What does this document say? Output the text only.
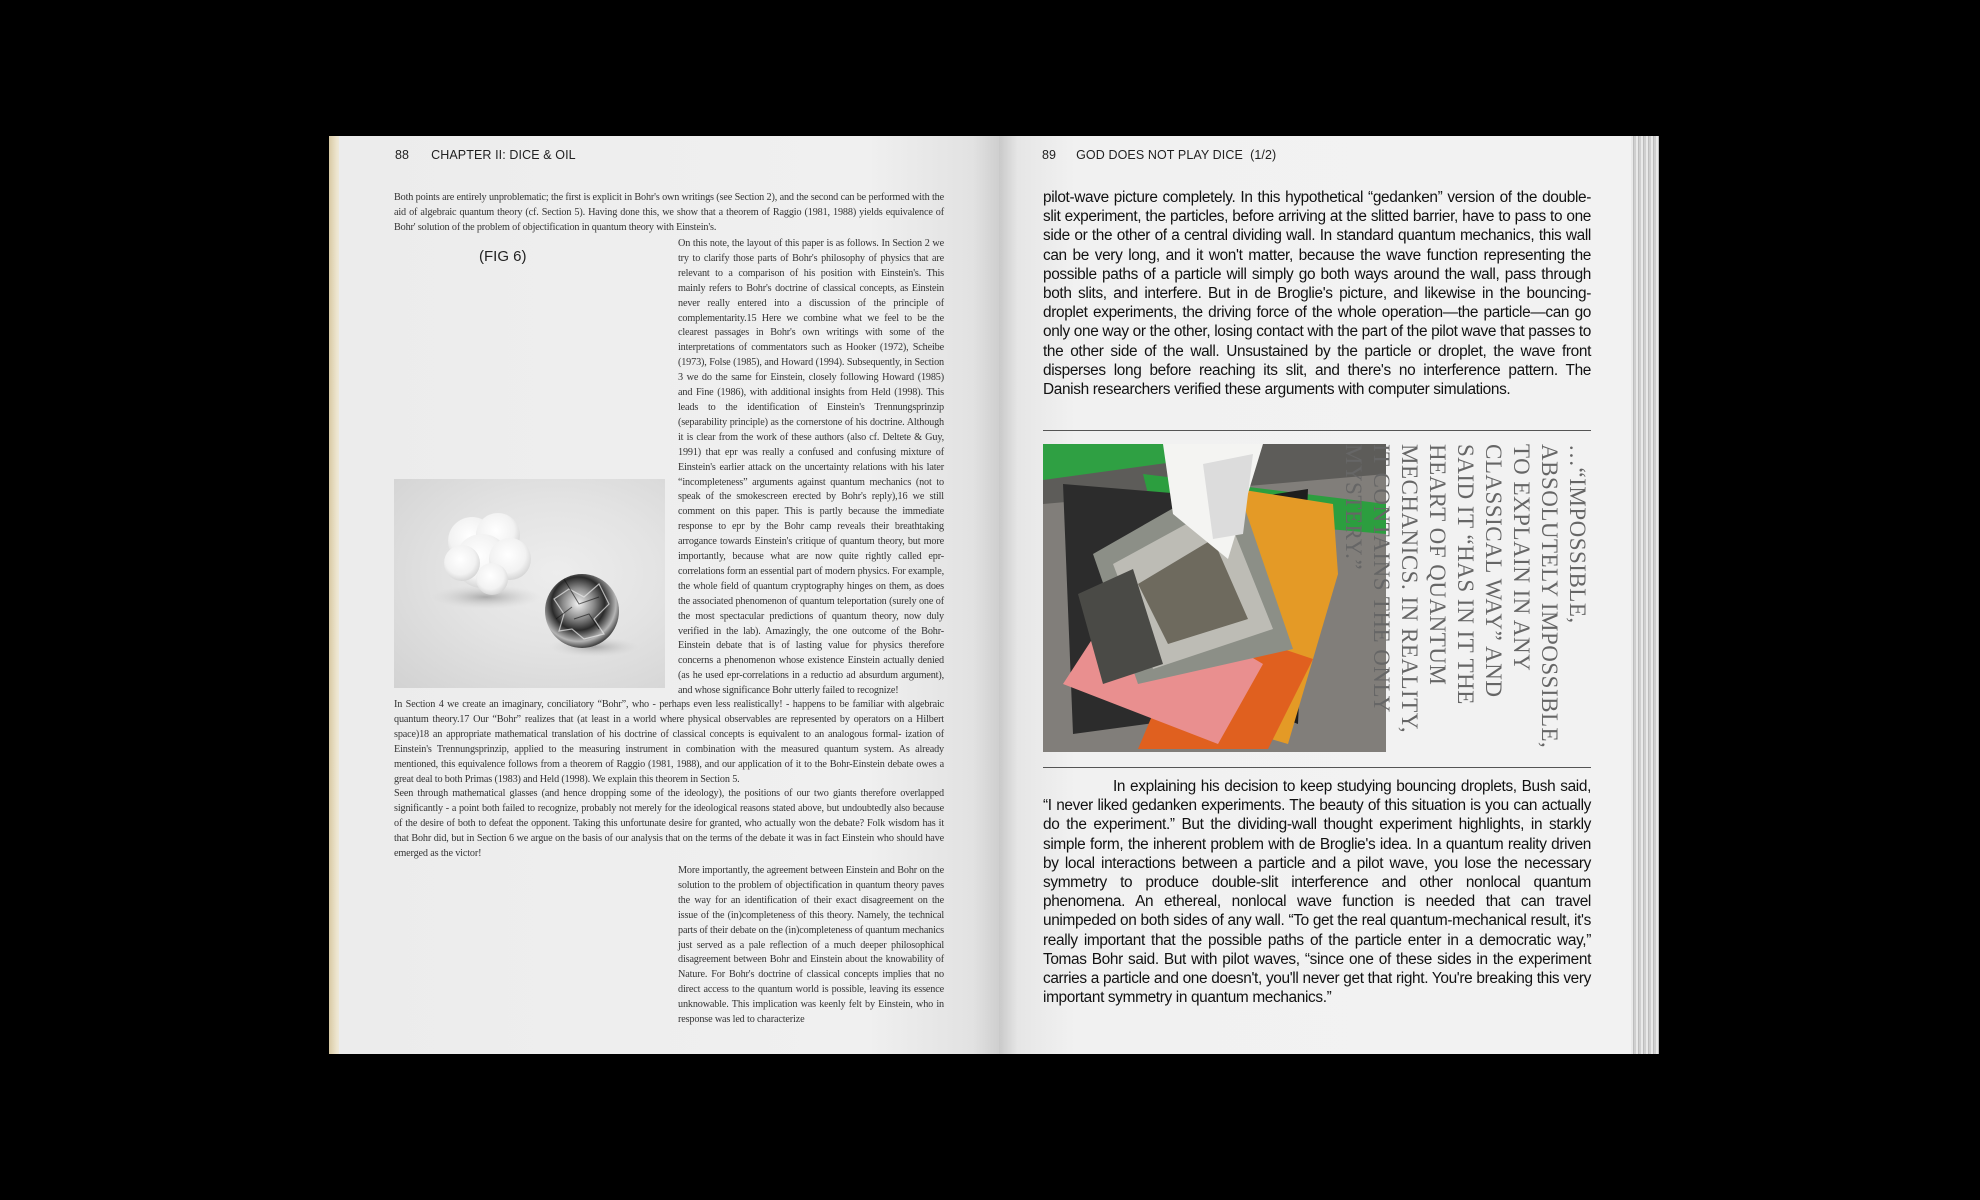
88 CHAPTER II: DICE & OIL
Both points are entirely unproblematic; the first is explicit in Bohr's own writings (see Section 2), and the second can be performed with the aid of algebraic quantum theory (cf. Section 5). Having done this, we show that a theorem of Raggio (1981, 1988) yields equivalence of Bohr' solution of the problem of objectification in quantum theory with Einstein's.
(FIG 6)
On this note, the layout of this paper is as follows. In Section 2 we try to clarify those parts of Bohr's philosophy of physics that are relevant to a comparison of his position with Einstein's. This mainly refers to Bohr's doctrine of classical concepts, as Einstein never really entered into a discussion of the principle of complementarity.15 Here we combine what we feel to be the clearest passages in Bohr's own writings with some of the interpretations of commentators such as Hooker (1972), Scheibe (1973), Folse (1985), and Howard (1994). Subsequently, in Section 3 we do the same for Einstein, closely following Howard (1985) and Fine (1986), with additional insights from Held (1998). This leads to the identification of Einstein's Trennungsprinzip (separability principle) as the cornerstone of his doctrine. Although it is clear from the work of these authors (also cf. Deltete & Guy, 1991) that epr was really a confused and confusing mixture of Einstein's earlier attack on the uncertainty relations with his later “incompleteness” arguments against quantum mechanics (not to speak of the smokescreen erected by Bohr's reply),16 we still comment on this paper. This is partly because the immediate response to epr by the Bohr camp reveals their breathtaking arrogance towards Einstein's critique of quantum theory, but more importantly, because what are now quite rightly called epr-correlations form an essential part of modern physics. For example, the whole field of quantum cryptography hinges on them, as does the associated phenomenon of quantum teleportation (surely one of the most spectacular predictions of quantum theory, now duly verified in the lab). Amazingly, the one outcome of the Bohr-Einstein debate that is of lasting value for physics therefore concerns a phenomenon whose existence Einstein actually denied (as he used epr-correlations in a reductio ad absurdum argument), and whose significance Bohr utterly failed to recognize!

In Section 4 we create an imaginary, conciliatory “Bohr”, who - perhaps even less realistically! - happens to be familiar with algebraic quantum theory.17 Our “Bohr” realizes that (at least in a world where physical observables are represented by operators on a Hilbert space)18 an appropriate mathematical translation of his doctrine of classical concepts is equivalent to an analogous formal- ization of Einstein's Trennungsprinzip, applied to the measuring instrument in combination with the measured quantum system. As already mentioned, this equivalence follows from a theorem of Raggio (1981, 1988), and our application of it to the Bohr-Einstein debate owes a great deal to both Primas (1983) and Held (1998). We explain this theorem in Section 5.

Seen through mathematical glasses (and hence dropping some of the ideology), the positions of our two giants therefore overlapped significantly - a point both failed to recognize, probably not merely for the ideological reasons stated above, but undoubtedly also because of the desire of both to defeat the opponent. Taking this unfortunate desire for granted, who actually won the debate? Folk wisdom has it that Bohr did, but in Section 6 we argue on the basis of our analysis that on the terms of the debate it was in fact Einstein who should have emerged as the victor!

More importantly, the agreement between Einstein and Bohr on the solution to the problem of objectification in quantum theory paves the way for an identification of their exact disagreement on the issue of the (in)completeness of this theory. Namely, the technical parts of their debate on the (in)completeness of quantum mechanics just served as a pale reflection of a much deeper philosophical disagreement between Bohr and Einstein about the knowability of Nature. For Bohr's doctrine of classical concepts implies that no direct access to the quantum world is possible, leaving its essence unknowable. This implication was keenly felt by Einstein, who in response was led to characterize
89 GOD DOES NOT PLAY DICE (1/2)
pilot-wave picture completely. In this hypothetical “gedanken” version of the double-slit experiment, the particles, before arriving at the slitted barrier, have to pass to one side or the other of a central dividing wall. In standard quantum mechanics, this wall can be very long, and it won't matter, because the wave function representing the possible paths of a particle will simply go both ways around the wall, pass through both slits, and interfere. But in de Broglie's picture, and likewise in the bouncing-droplet experiments, the driving force of the whole operation—the particle—can go only one way or the other, losing contact with the part of the pilot wave that passes to the other side of the wall. Unsustained by the particle or droplet, the wave front disperses long before reaching its slit, and there's no interference pattern. The Danish researchers verified these arguments with computer simulations.

…“IMPOSSIBLE, ABSOLUTELY IMPOSSIBLE, TO EXPLAIN IN ANY CLASSICAL WAY” AND SAID IT “HAS IN IT THE HEART OF QUANTUM MECHANICS. IN REALITY, IT CONTAINS THE ONLY MYSTERY.”

In explaining his decision to keep studying bouncing droplets, Bush said, “I never liked gedanken experiments. The beauty of this situation is you can actually do the experiment.” But the dividing-wall thought experiment highlights, in starkly simple form, the inherent problem with de Broglie's idea. In a quantum reality driven by local interactions between a particle and a pilot wave, you lose the necessary symmetry to produce double-slit interference and other nonlocal quantum phenomena. An ethereal, nonlocal wave function is needed that can travel unimpeded on both sides of any wall. “To get the real quantum-mechanical result, it's really important that the possible paths of the particle enter in a democratic way,” Tomas Bohr said. But with pilot waves, “since one of these sides in the experiment carries a particle and one doesn't, you'll never get that right. You're breaking this very important symmetry in quantum mechanics.”
